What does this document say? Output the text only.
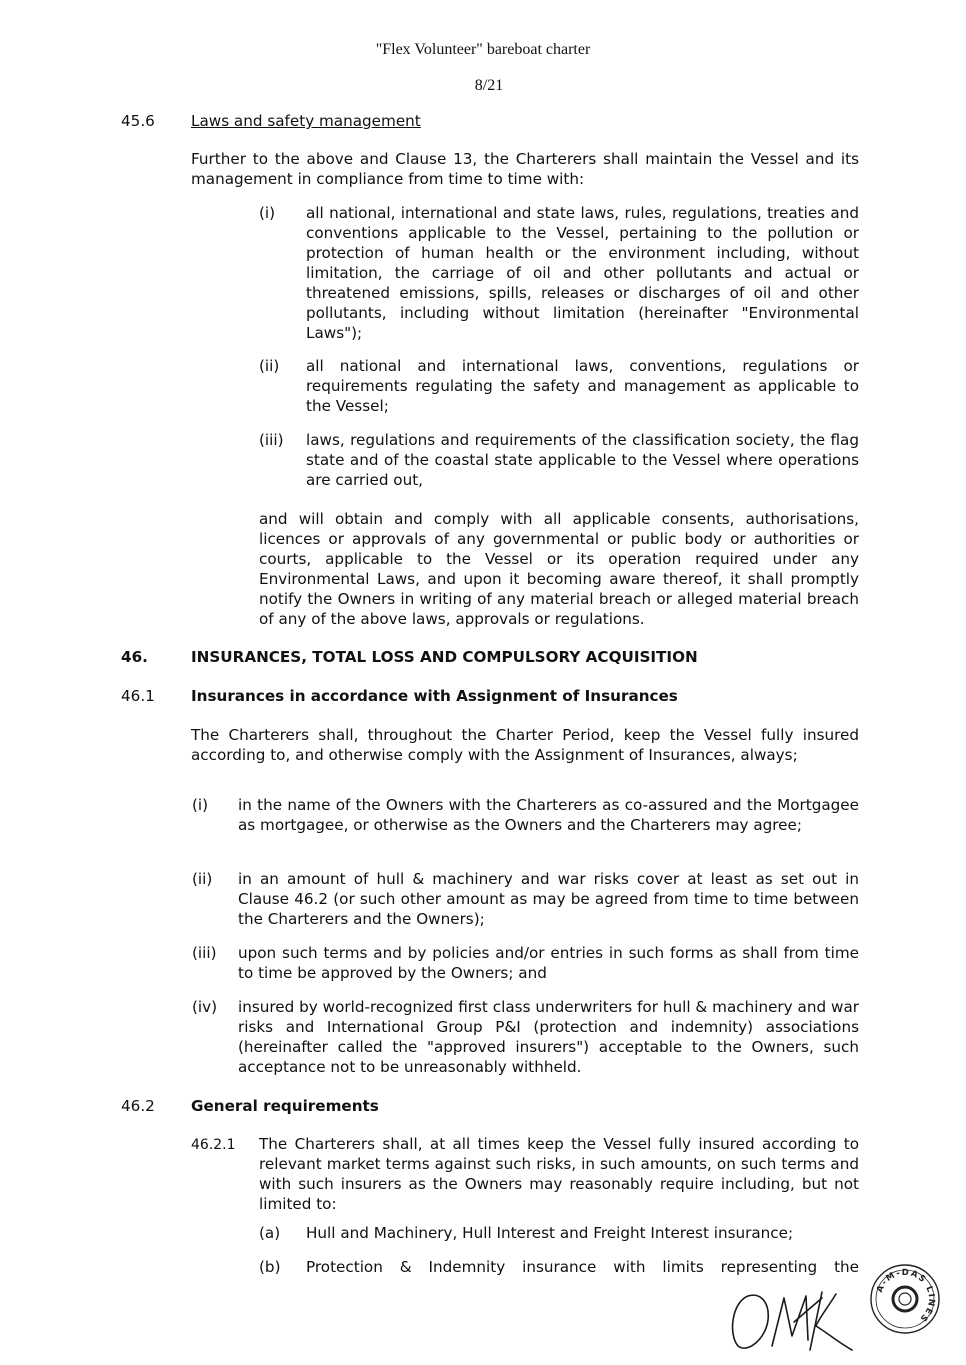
"Flex Volunteer" bareboat charter
8/21
45.6 Laws and safety management
Further to the above and Clause 13, the Charterers shall maintain the Vessel and its management in compliance from time to time with:
(i) all national, international and state laws, rules, regulations, treaties and conventions applicable to the Vessel, pertaining to the pollution or protection of human health or the environment including, without limitation, the carriage of oil and other pollutants and actual or threatened emissions, spills, releases or discharges of oil and other pollutants, including without limitation (hereinafter "Environmental Laws");
(ii) all national and international laws, conventions, regulations or requirements regulating the safety and management as applicable to the Vessel;
(iii) laws, regulations and requirements of the classification society, the flag state and of the coastal state applicable to the Vessel where operations are carried out,
and will obtain and comply with all applicable consents, authorisations, licences or approvals of any governmental or public body or authorities or courts, applicable to the Vessel or its operation required under any Environmental Laws, and upon it becoming aware thereof, it shall promptly notify the Owners in writing of any material breach or alleged material breach of any of the above laws, approvals or regulations.
46.	INSURANCES, TOTAL LOSS AND COMPULSORY ACQUISITION
46.1 Insurances in accordance with Assignment of Insurances
The Charterers shall, throughout the Charter Period, keep the Vessel fully insured according to, and otherwise comply with the Assignment of Insurances, always;
(i) in the name of the Owners with the Charterers as co-assured and the Mortgagee as mortgagee, or otherwise as the Owners and the Charterers may agree;
(ii) in an amount of hull & machinery and war risks cover at least as set out in Clause 46.2 (or such other amount as may be agreed from time to time between the Charterers and the Owners);
(iii) upon such terms and by policies and/or entries in such forms as shall from time to time be approved by the Owners; and
(iv) insured by world-recognized first class underwriters for hull & machinery and war risks and International Group P&I (protection and indemnity) associations (hereinafter called the "approved insurers") acceptable to the Owners, such acceptance not to be unreasonably withheld.
46.2 General requirements
46.2.1 The Charterers shall, at all times keep the Vessel fully insured according to relevant market terms against such risks, in such amounts, on such terms and with such insurers as the Owners may reasonably require including, but not limited to:
(a) Hull and Machinery, Hull Interest and Freight Interest insurance;
(b) Protection & Indemnity insurance with limits representing the
A-M-DAS LINES
